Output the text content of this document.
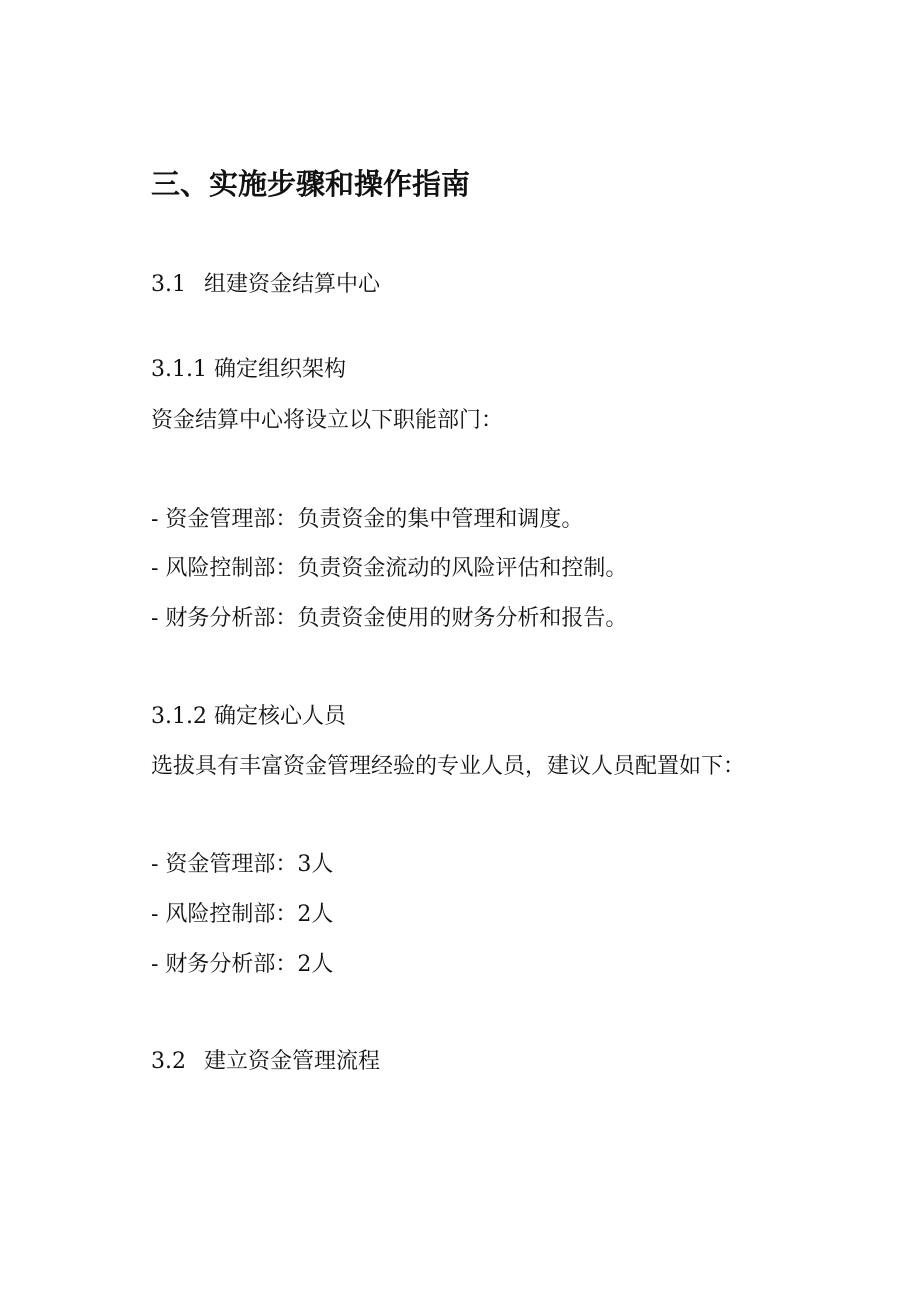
三、实施步骤和操作指南
3.1 组建资金结算中心
3.1.1 确定组织架构
资金结算中心将设立以下职能部门：
- 资金管理部：负责资金的集中管理和调度。
- 风险控制部：负责资金流动的风险评估和控制。
- 财务分析部：负责资金使用的财务分析和报告。
3.1.2 确定核心人员
选拔具有丰富资金管理经验的专业人员，建议人员配置如下：
- 资金管理部：3人
- 风险控制部：2人
- 财务分析部：2人
3.2 建立资金管理流程
